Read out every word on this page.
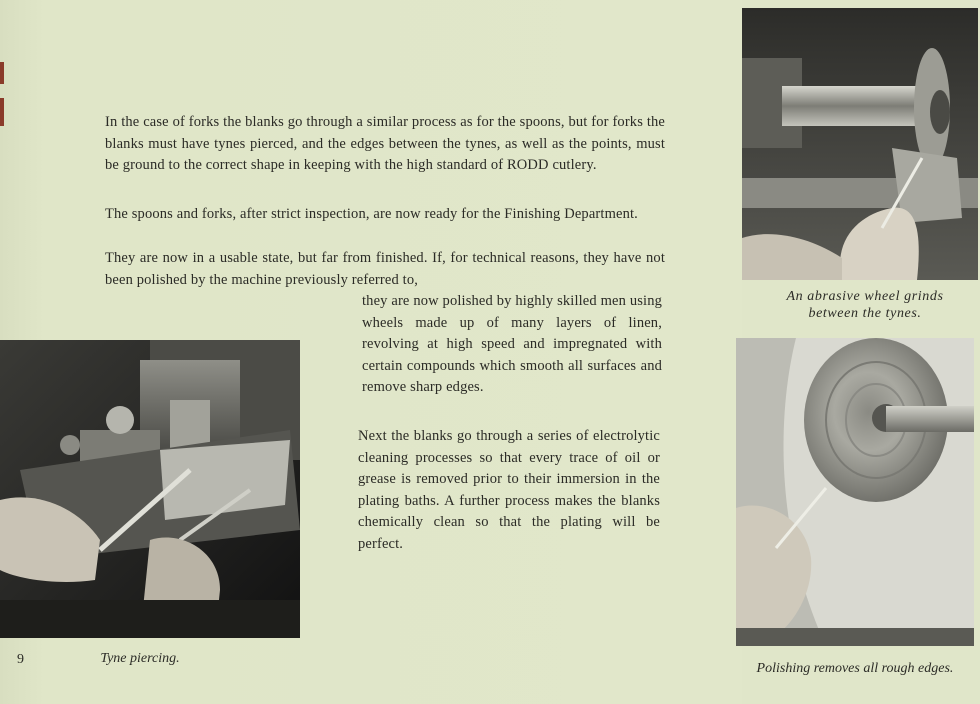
In the case of forks the blanks go through a similar process as for the spoons, but for forks the blanks must have tynes pierced, and the edges between the tynes, as well as the points, must be ground to the correct shape in keeping with the high standard of RODD cutlery.

The spoons and forks, after strict inspection, are now ready for the Finishing Department.

They are now in a usable state, but far from finished. If, for technical reasons, they have not been polished by the machine previously referred to,

they are now polished by highly skilled men using wheels made up of many layers of linen, revolving at high speed and impregnated with certain compounds which smooth all surfaces and remove sharp edges.

Next the blanks go through a series of electrolytic cleaning processes so that every trace of oil or grease is removed prior to their immersion in the plating baths. A further process makes the blanks chemically clean so that the plating will be perfect.

Tyne piercing.

An abrasive wheel grinds between the tynes.

Polishing removes all rough edges.

9
